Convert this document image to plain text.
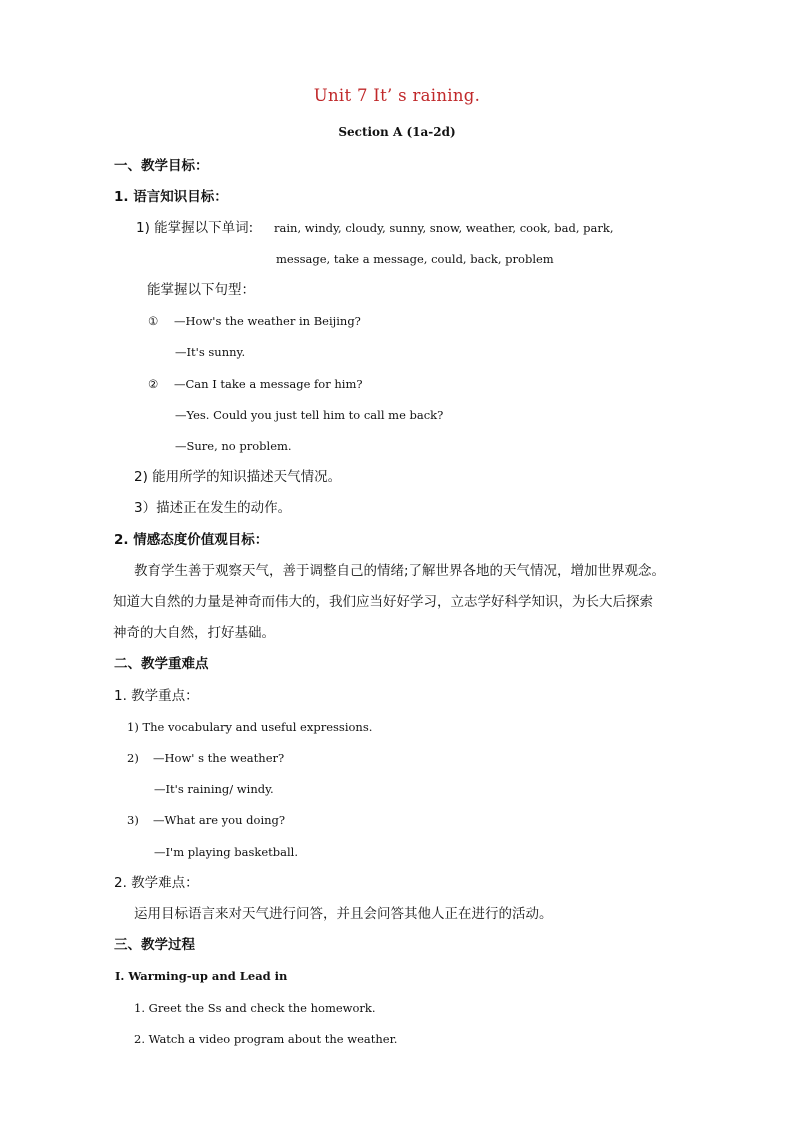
Unit 7 It’ s raining.
Section A (1a-2d)
一、教学目标：
1. 语言知识目标：
1) 能掌握以下单词: rain, windy, cloudy, sunny, snow, weather, cook, bad, park,
message, take a message, could, back, problem
能掌握以下句型：
① —How's the weather in Beijing?
—It's sunny.
② —Can I take a message for him?
—Yes. Could you just tell him to call me back?
—Sure, no problem.
2) 能用所学的知识描述天气情况。
3）描述正在发生的动作。
2. 情感态度价值观目标：
教育学生善于观察天气，善于调整自己的情绪;了解世界各地的天气情况，增加世界观念。
知道大自然的力量是神奇而伟大的，我们应当好好学习，立志学好科学知识，为长大后探索
神奇的大自然，打好基础。
二、教学重难点
1. 教学重点：
1) The vocabulary and useful expressions.
2) —How' s the weather?
—It's raining/ windy.
3) —What are you doing?
—I'm playing basketball.
2. 教学难点：
运用目标语言来对天气进行问答，并且会问答其他人正在进行的活动。
三、教学过程
Ⅰ. Warming-up and Lead in
1. Greet the Ss and check the homework.
2. Watch a video program about the weather.
